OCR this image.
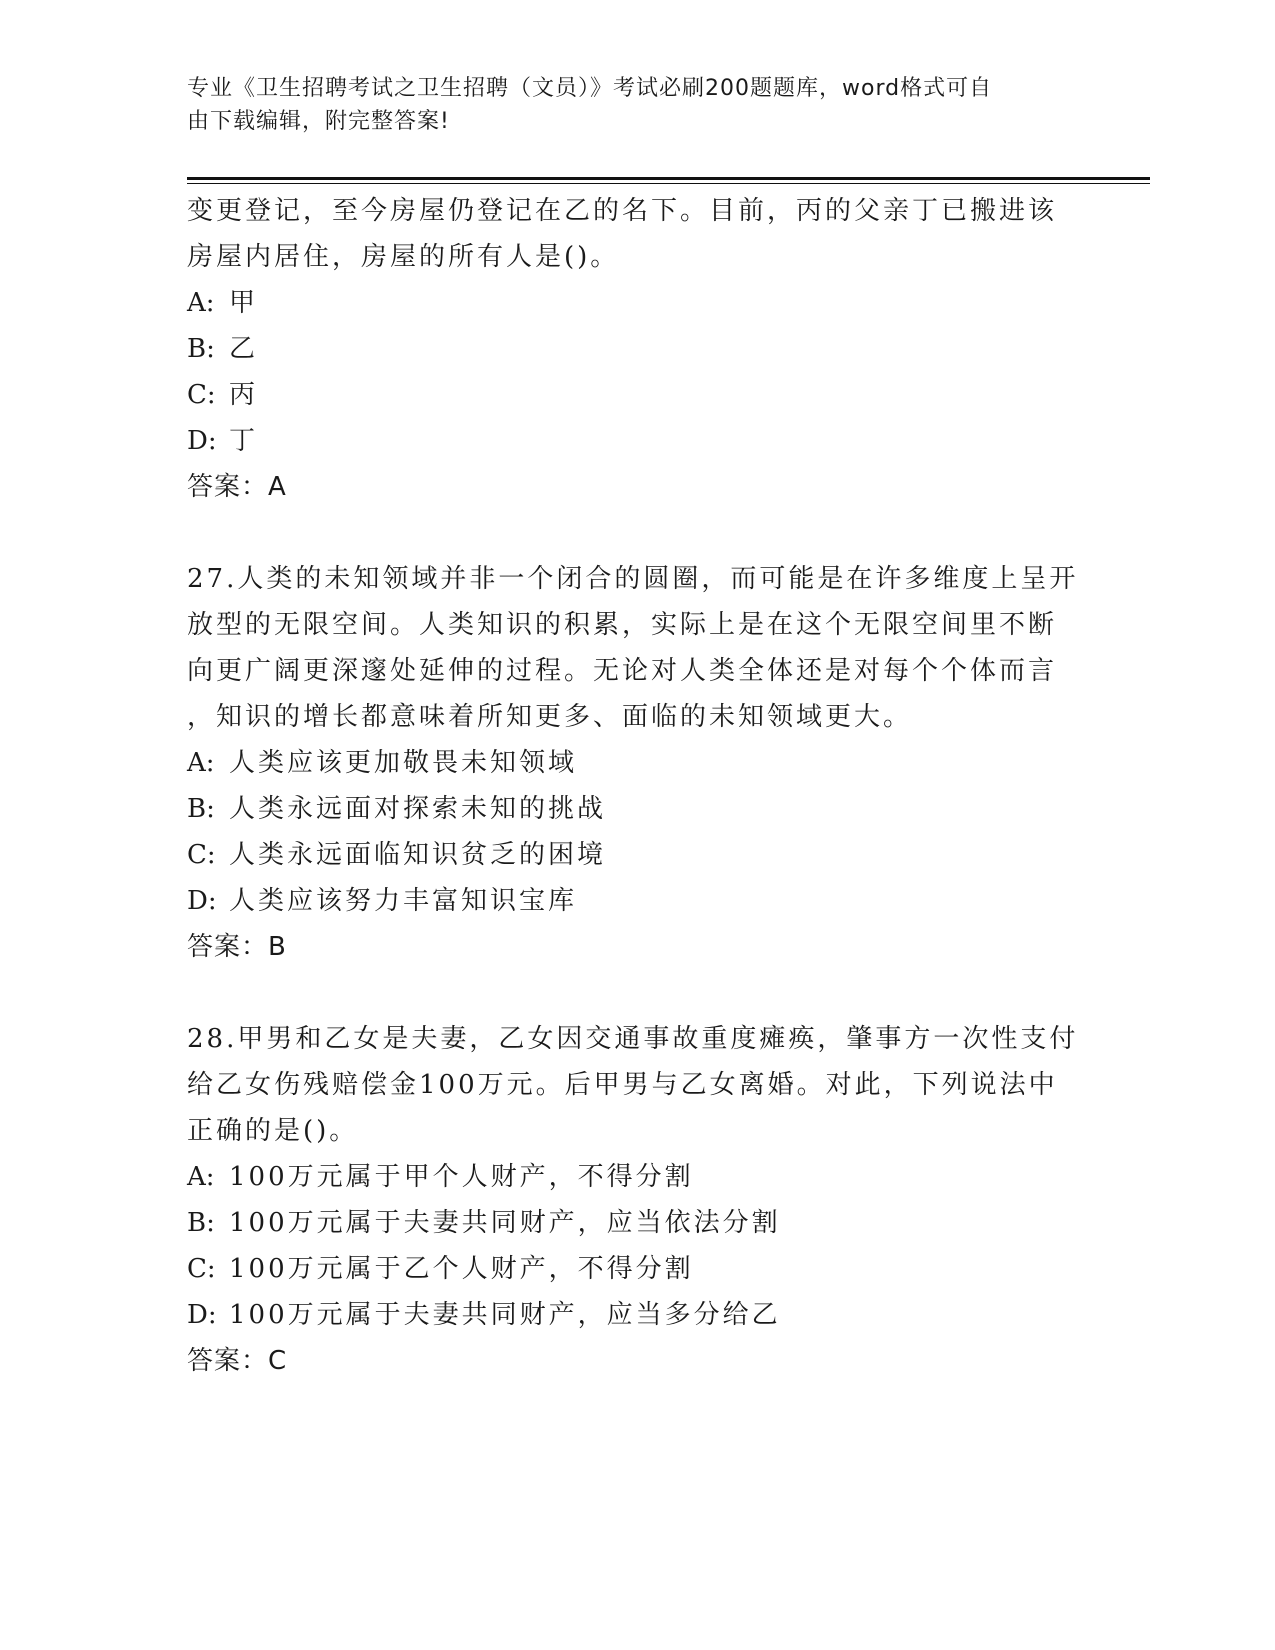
专业《卫生招聘考试之卫生招聘（文员）》考试必刷200题题库，word格式可自
由下载编辑，附完整答案!
变更登记，至今房屋仍登记在乙的名下。目前，丙的父亲丁已搬进该
房屋内居住，房屋的所有人是()。
A: 甲
B: 乙
C: 丙
D: 丁
答案：A
27.人类的未知领域并非一个闭合的圆圈，而可能是在许多维度上呈开
放型的无限空间。人类知识的积累，实际上是在这个无限空间里不断
向更广阔更深邃处延伸的过程。无论对人类全体还是对每个个体而言
，知识的增长都意味着所知更多、面临的未知领域更大。
A: 人类应该更加敬畏未知领域
B: 人类永远面对探索未知的挑战
C: 人类永远面临知识贫乏的困境
D: 人类应该努力丰富知识宝库
答案：B
28.甲男和乙女是夫妻，乙女因交通事故重度瘫痪，肇事方一次性支付
给乙女伤残赔偿金100万元。后甲男与乙女离婚。对此，下列说法中
正确的是()。
A: 100万元属于甲个人财产，不得分割
B: 100万元属于夫妻共同财产，应当依法分割
C: 100万元属于乙个人财产，不得分割
D: 100万元属于夫妻共同财产，应当多分给乙
答案：C
